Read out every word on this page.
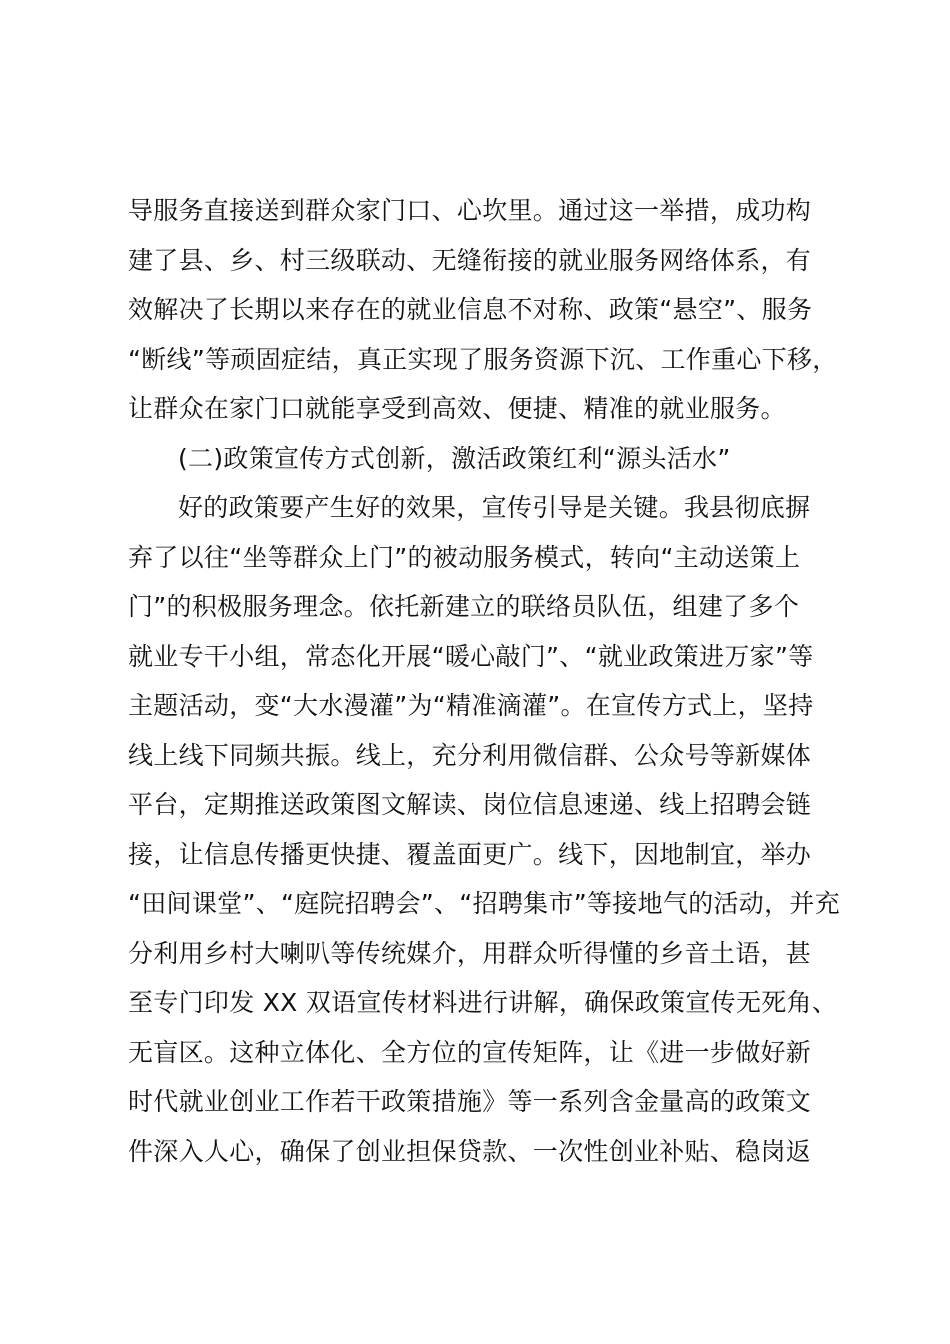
导服务直接送到群众家门口、心坎里。通过这一举措，成功构
建了县、乡、村三级联动、无缝衔接的就业服务网络体系，有
效解决了长期以来存在的就业信息不对称、政策“悬空”、服务
“断线”等顽固症结，真正实现了服务资源下沉、工作重心下移，
让群众在家门口就能享受到高效、便捷、精准的就业服务。
(二)政策宣传方式创新，激活政策红利“源头活水”
好的政策要产生好的效果，宣传引导是关键。我县彻底摒
弃了以往“坐等群众上门”的被动服务模式，转向“主动送策上
门”的积极服务理念。依托新建立的联络员队伍，组建了多个
就业专干小组，常态化开展“暖心敲门”、“就业政策进万家”等
主题活动，变“大水漫灌”为“精准滴灌”。在宣传方式上，坚持
线上线下同频共振。线上，充分利用微信群、公众号等新媒体
平台，定期推送政策图文解读、岗位信息速递、线上招聘会链
接，让信息传播更快捷、覆盖面更广。线下，因地制宜，举办
“田间课堂”、“庭院招聘会”、“招聘集市”等接地气的活动，并充
分利用乡村大喇叭等传统媒介，用群众听得懂的乡音土语，甚
至专门印发 XX 双语宣传材料进行讲解，确保政策宣传无死角、
无盲区。这种立体化、全方位的宣传矩阵，让《进一步做好新
时代就业创业工作若干政策措施》等一系列含金量高的政策文
件深入人心，确保了创业担保贷款、一次性创业补贴、稳岗返
